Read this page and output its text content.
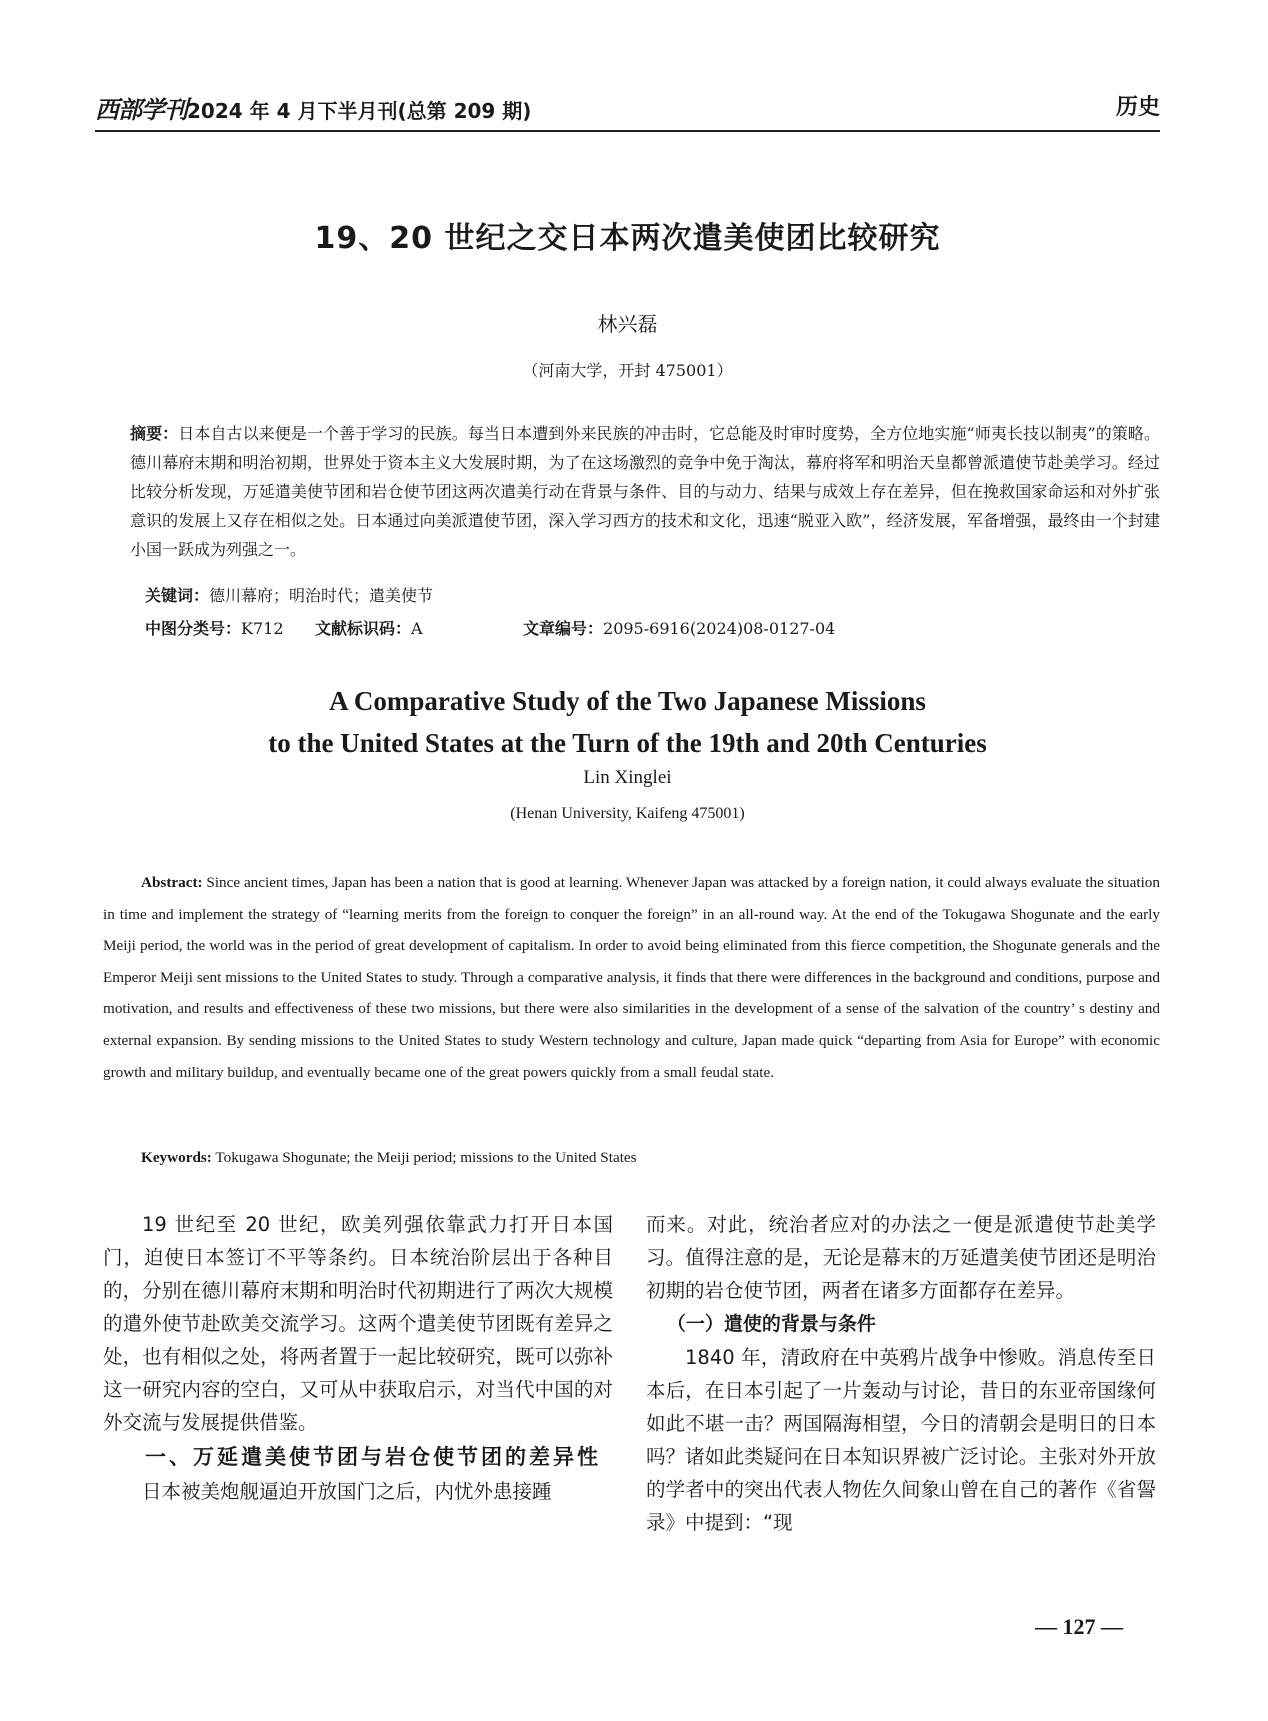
西部学刊 2024 年 4 月下半月刊(总第 209 期)	历史
19、20 世纪之交日本两次遣美使团比较研究
林兴磊
（河南大学，开封 475001）
摘要：日本自古以来便是一个善于学习的民族。每当日本遭到外来民族的冲击时，它总能及时审时度势，全方位地实施“师夷长技以制夷”的策略。德川幕府末期和明治初期，世界处于资本主义大发展时期，为了在这场激烈的竞争中免于淘汰，幕府将军和明治天皇都曾派遣使节赴美学习。经过比较分析发现，万延遣美使节团和岩仓使节团这两次遣美行动在背景与条件、目的与动力、结果与成效上存在差异，但在挽救国家命运和对外扩张意识的发展上又存在相似之处。日本通过向美派遣使节团，深入学习西方的技术和文化，迅速“脱亚入欧”，经济发展，军备增强，最终由一个封建小国一跃成为列强之一。
关键词：德川幕府；明治时代；遣美使节
中图分类号：K712 文献标识码：A	文章编号：2095-6916(2024)08-0127-04
A Comparative Study of the Two Japanese Missions
to the United States at the Turn of the 19th and 20th Centuries
Lin Xinglei
(Henan University, Kaifeng 475001)
Abstract: Since ancient times, Japan has been a nation that is good at learning. Whenever Japan was attacked by a foreign nation, it could always evaluate the situation in time and implement the strategy of “learning merits from the foreign to conquer the foreign” in an all-round way. At the end of the Tokugawa Shogunate and the early Meiji period, the world was in the period of great development of capitalism. In order to avoid being eliminated from this fierce competition, the Shogunate generals and the Emperor Meiji sent missions to the United States to study. Through a comparative analysis, it finds that there were differences in the background and conditions, purpose and motivation, and results and effectiveness of these two missions, but there were also similarities in the development of a sense of the salvation of the country’ s destiny and external expansion. By sending missions to the United States to study Western technology and culture, Japan made quick “departing from Asia for Europe” with economic growth and military buildup, and eventually became one of the great powers quickly from a small feudal state.
Keywords: Tokugawa Shogunate; the Meiji period; missions to the United States

19 世纪至 20 世纪，欧美列强依靠武力打开日本国门，迫使日本签订不平等条约。日本统治阶层出于各种目的，分别在德川幕府末期和明治时代初期进行了两次大规模的遣外使节赴欧美交流学习。这两个遣美使节团既有差异之处，也有相似之处，将两者置于一起比较研究，既可以弥补这一研究内容的空白，又可从中获取启示，对当代中国的对外交流与发展提供借鉴。

一、万延遣美使节团与岩仓使节团的差异性

日本被美炮舰逼迫开放国门之后，内忧外患接踵

而来。对此，统治者应对的办法之一便是派遣使节赴美学习。值得注意的是，无论是幕末的万延遣美使节团还是明治初期的岩仓使节团，两者在诸多方面都存在差异。

（一）遣使的背景与条件

1840 年，清政府在中英鸦片战争中惨败。消息传至日本后，在日本引起了一片轰动与讨论，昔日的东亚帝国缘何如此不堪一击？两国隔海相望，今日的清朝会是明日的日本吗？诸如此类疑问在日本知识界被广泛讨论。主张对外开放的学者中的突出代表人物佐久间象山曾在自己的著作《省諐录》中提到：“现

— 127 —
